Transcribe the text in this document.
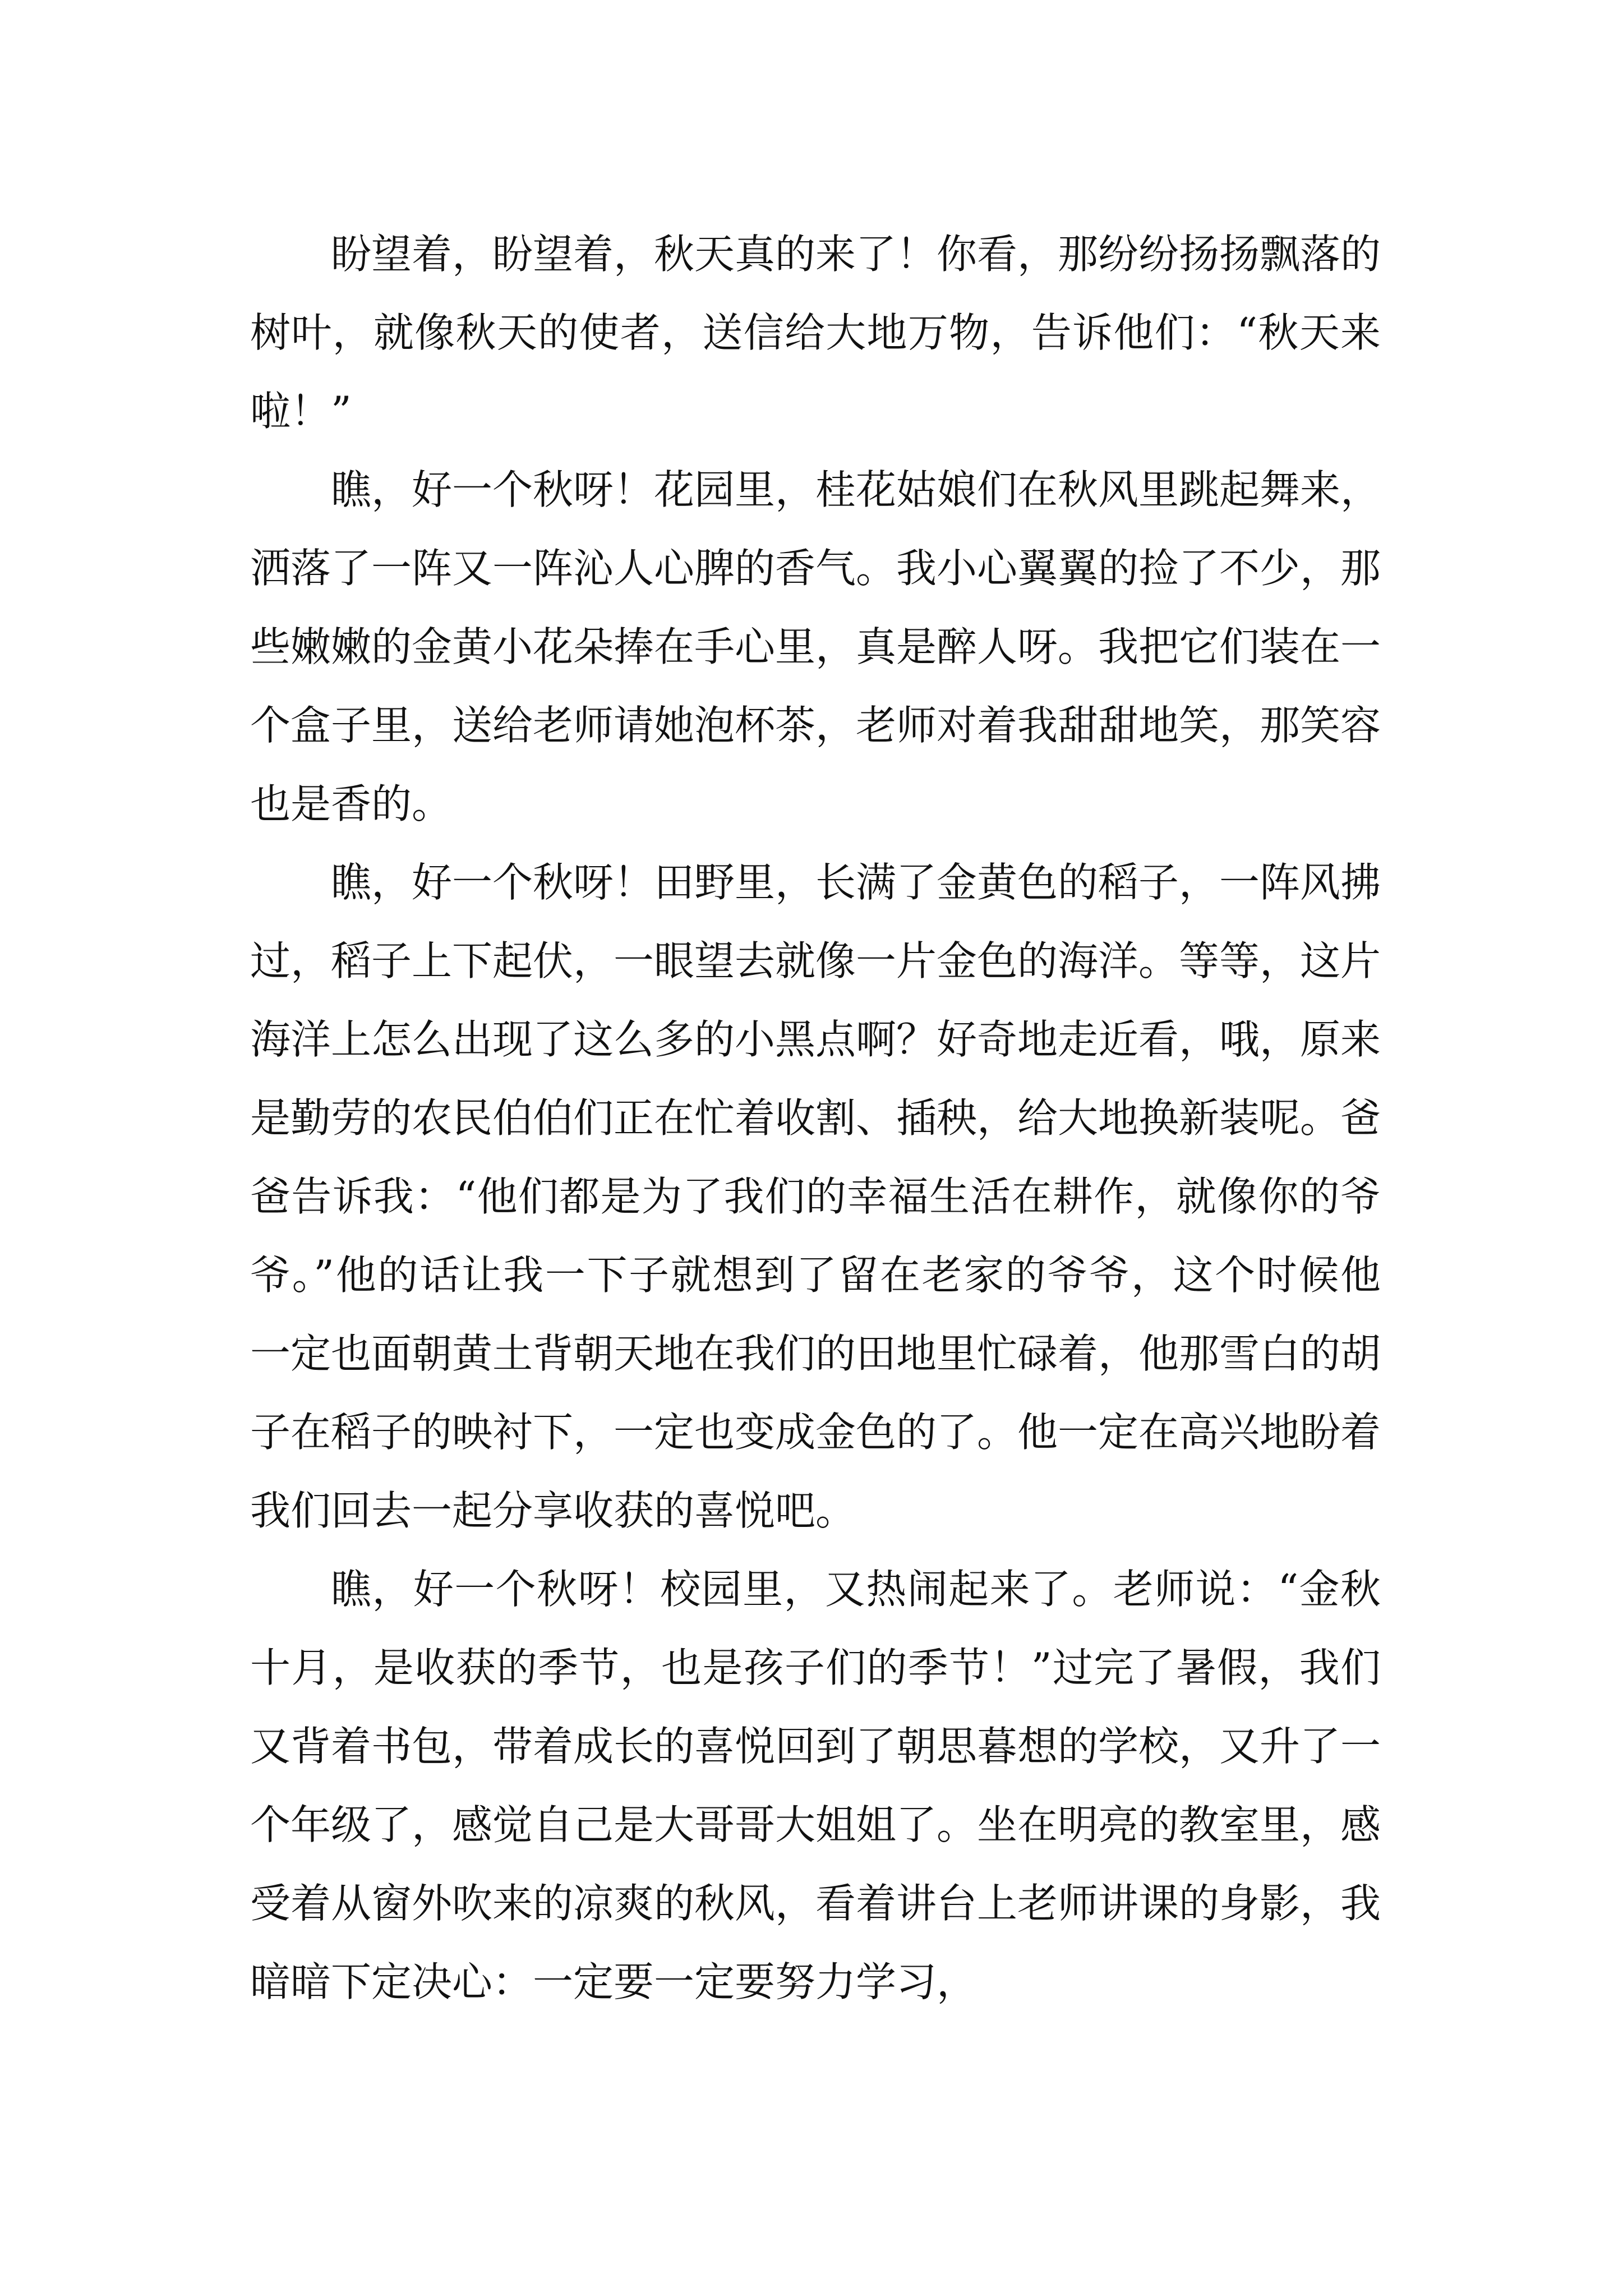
盼望着，盼望着，秋天真的来了！你看，那纷纷扬扬飘落的树叶，就像秋天的使者，送信给大地万物，告诉他们：“秋天来啦！”

瞧，好一个秋呀！花园里，桂花姑娘们在秋风里跳起舞来，洒落了一阵又一阵沁人心脾的香气。我小心翼翼的捡了不少，那些嫩嫩的金黄小花朵捧在手心里，真是醉人呀。我把它们装在一个盒子里，送给老师请她泡杯茶，老师对着我甜甜地笑，那笑容也是香的。

瞧，好一个秋呀！田野里，长满了金黄色的稻子，一阵风拂过，稻子上下起伏，一眼望去就像一片金色的海洋。等等，这片海洋上怎么出现了这么多的小黑点啊？好奇地走近看，哦，原来是勤劳的农民伯伯们正在忙着收割、插秧，给大地换新装呢。爸爸告诉我：“他们都是为了我们的幸福生活在耕作，就像你的爷爷。”他的话让我一下子就想到了留在老家的爷爷，这个时候他一定也面朝黄土背朝天地在我们的田地里忙碌着，他那雪白的胡子在稻子的映衬下，一定也变成金色的了。他一定在高兴地盼着我们回去一起分享收获的喜悦吧。

瞧，好一个秋呀！校园里，又热闹起来了。老师说：“金秋十月，是收获的季节，也是孩子们的季节！”过完了暑假，我们又背着书包，带着成长的喜悦回到了朝思暮想的学校，又升了一个年级了，感觉自己是大哥哥大姐姐了。坐在明亮的教室里，感受着从窗外吹来的凉爽的秋风，看着讲台上老师讲课的身影，我暗暗下定决心：一定要一定要努力学习，
